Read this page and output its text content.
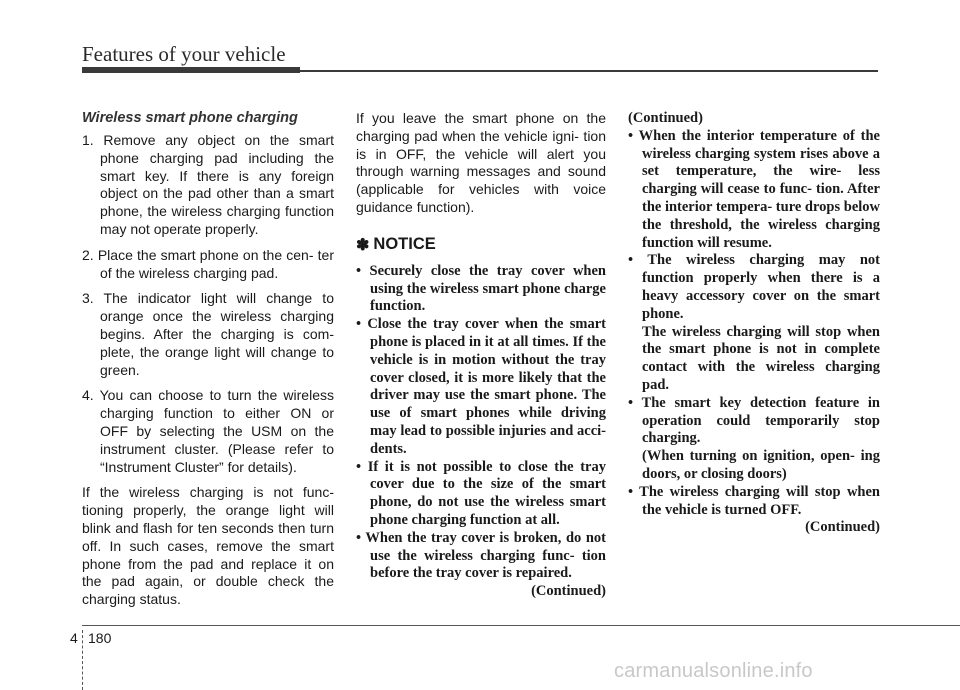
Features of your vehicle
Wireless smart phone charging
1. Remove any object on the smart phone charging pad including the smart key. If there is any foreign object on the pad other than a smart phone, the wireless charging function may not operate properly.
2. Place the smart phone on the cen- ter of the wireless charging pad.
3. The indicator light will change to orange once the wireless charging begins. After the charging is com- plete, the orange light will change to green.
4. You can choose to turn the wireless charging function to either ON or OFF by selecting the USM on the instrument cluster. (Please refer to “Instrument Cluster” for details).
If the wireless charging is not func- tioning properly, the orange light will blink and flash for ten seconds then turn off. In such cases, remove the smart phone from the pad and replace it on the pad again, or double check the charging status.
If you leave the smart phone on the charging pad when the vehicle igni- tion is in OFF, the vehicle will alert you through warning messages and sound (applicable for vehicles with voice guidance function).
✽ NOTICE
• Securely close the tray cover when using the wireless smart phone charge function.
• Close the tray cover when the smart phone is placed in it at all times. If the vehicle is in motion without the tray cover closed, it is more likely that the driver may use the smart phone. The use of smart phones while driving may lead to possible injuries and acci- dents.
• If it is not possible to close the tray cover due to the size of the smart phone, do not use the wireless smart phone charging function at all.
• When the tray cover is broken, do not use the wireless charging func- tion before the tray cover is repaired.
(Continued)
(Continued)
• When the interior temperature of the wireless charging system rises above a set temperature, the wire- less charging will cease to func- tion. After the interior tempera- ture drops below the threshold, the wireless charging function will resume.
• The wireless charging may not function properly when there is a heavy accessory cover on the smart phone.
The wireless charging will stop when the smart phone is not in complete contact with the wireless charging pad.
• The smart key detection feature in operation could temporarily stop charging.
(When turning on ignition, open- ing doors, or closing doors)
• The wireless charging will stop when the vehicle is turned OFF.
(Continued)
4 180
carmanualsonline.info
